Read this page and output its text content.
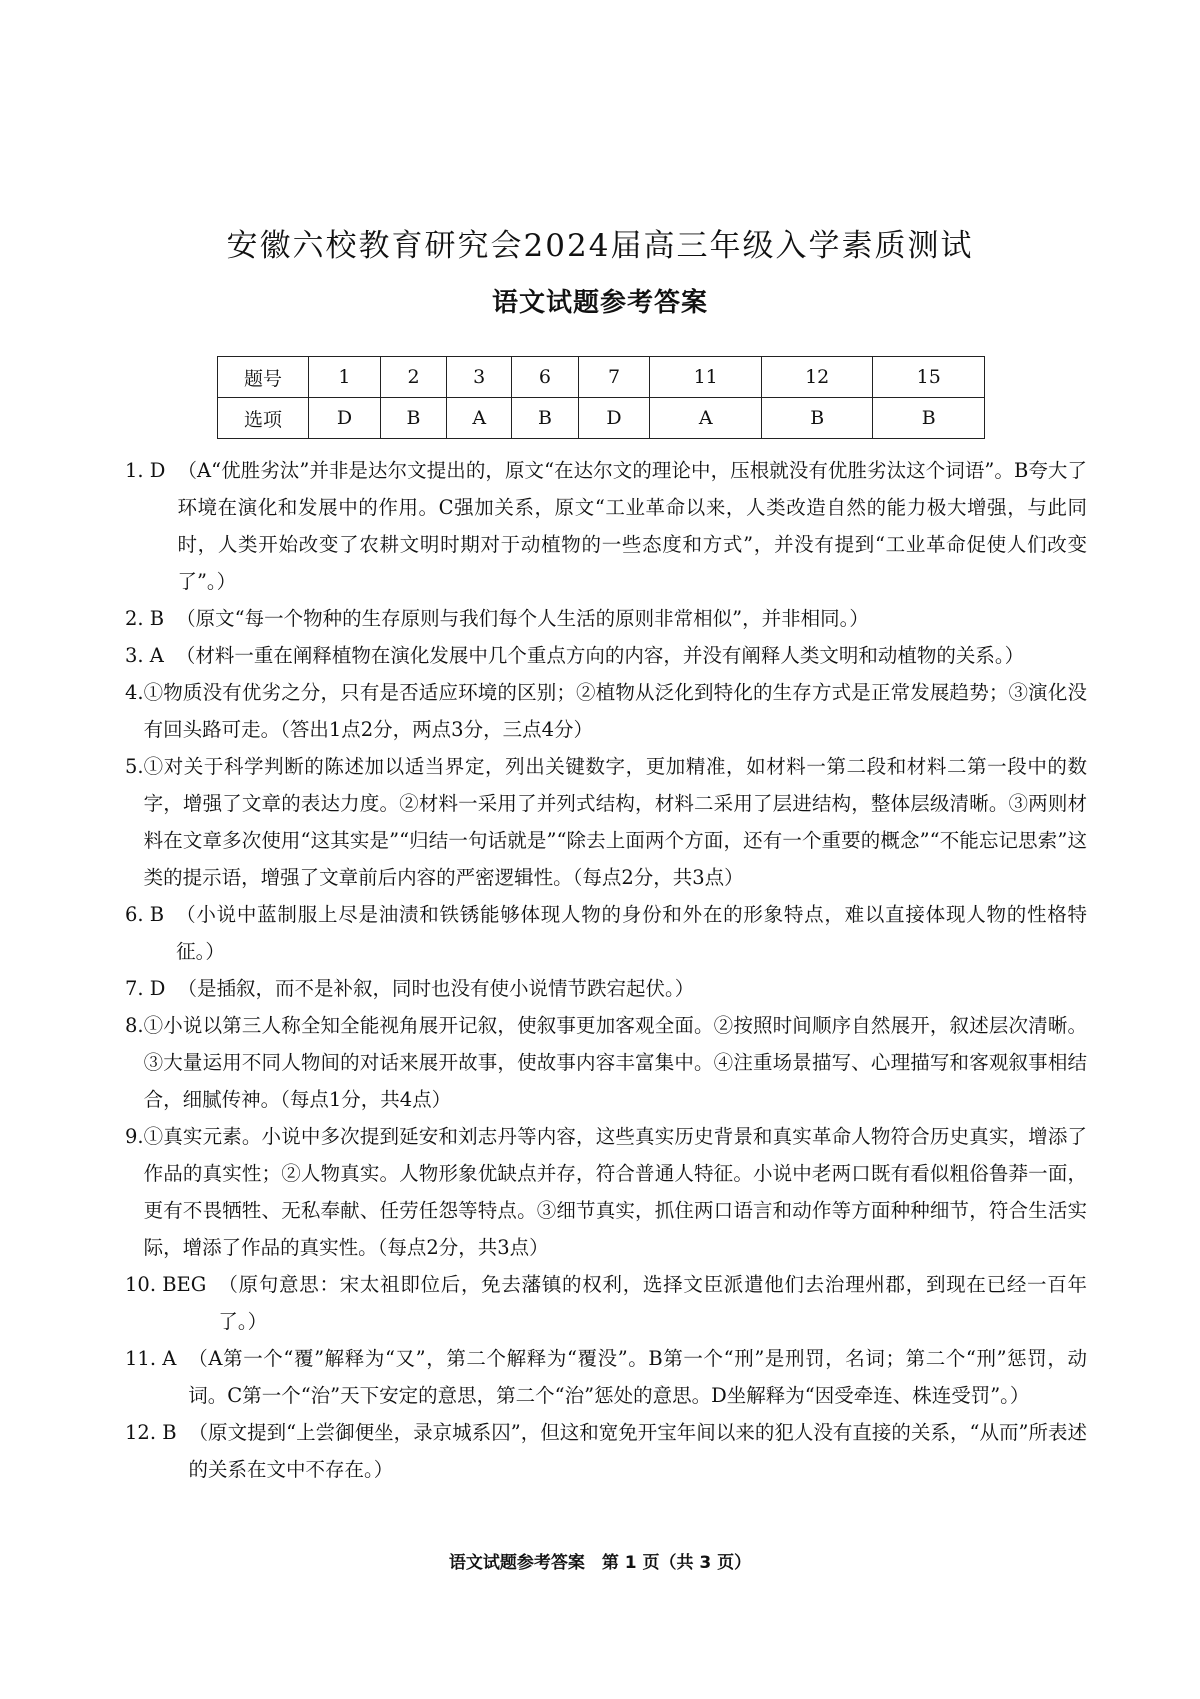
安徽六校教育研究会2024届高三年级入学素质测试
语文试题参考答案
题号	1	2	3	6	7	11	12	15
选项	D	B	A	B	D	A	B	B
1. D （A“优胜劣汰”并非是达尔文提出的，原文“在达尔文的理论中，压根就没有优胜劣汰这个词语”。B夸大了环境在演化和发展中的作用。C强加关系，原文“工业革命以来，人类改造自然的能力极大增强，与此同时，人类开始改变了农耕文明时期对于动植物的一些态度和方式”，并没有提到“工业革命促使人们改变了”。）
2. B （原文“每一个物种的生存原则与我们每个人生活的原则非常相似”，并非相同。）
3. A （材料一重在阐释植物在演化发展中几个重点方向的内容，并没有阐释人类文明和动植物的关系。）
4. ①物质没有优劣之分，只有是否适应环境的区别；②植物从泛化到特化的生存方式是正常发展趋势；③演化没有回头路可走。（答出1点2分，两点3分，三点4分）
5. ①对关于科学判断的陈述加以适当界定，列出关键数字，更加精准，如材料一第二段和材料二第一段中的数字，增强了文章的表达力度。②材料一采用了并列式结构，材料二采用了层进结构，整体层级清晰。③两则材料在文章多次使用“这其实是”“归结一句话就是”“除去上面两个方面，还有一个重要的概念”“不能忘记思索”这类的提示语，增强了文章前后内容的严密逻辑性。（每点2分，共3点）
6. B （小说中蓝制服上尽是油渍和铁锈能够体现人物的身份和外在的形象特点，难以直接体现人物的性格特征。）
7. D （是插叙，而不是补叙，同时也没有使小说情节跌宕起伏。）
8. ①小说以第三人称全知全能视角展开记叙，使叙事更加客观全面。②按照时间顺序自然展开，叙述层次清晰。③大量运用不同人物间的对话来展开故事，使故事内容丰富集中。④注重场景描写、心理描写和客观叙事相结合，细腻传神。（每点1分，共4点）
9. ①真实元素。小说中多次提到延安和刘志丹等内容，这些真实历史背景和真实革命人物符合历史真实，增添了作品的真实性；②人物真实。人物形象优缺点并存，符合普通人特征。小说中老两口既有看似粗俗鲁莽一面，更有不畏牺牲、无私奉献、任劳任怨等特点。③细节真实，抓住两口语言和动作等方面种种细节，符合生活实际，增添了作品的真实性。（每点2分，共3点）
10. BEG （原句意思：宋太祖即位后，免去藩镇的权利，选择文臣派遣他们去治理州郡，到现在已经一百年了。）
11. A （A第一个“覆”解释为“又”，第二个解释为“覆没”。B第一个“刑”是刑罚，名词；第二个“刑”惩罚，动词。C第一个“治”天下安定的意思，第二个“治”惩处的意思。D坐解释为“因受牵连、株连受罚”。）
12. B （原文提到“上尝御便坐，录京城系囚”，但这和宽免开宝年间以来的犯人没有直接的关系，“从而”所表述的关系在文中不存在。）
语文试题参考答案　第 1 页（共 3 页）
